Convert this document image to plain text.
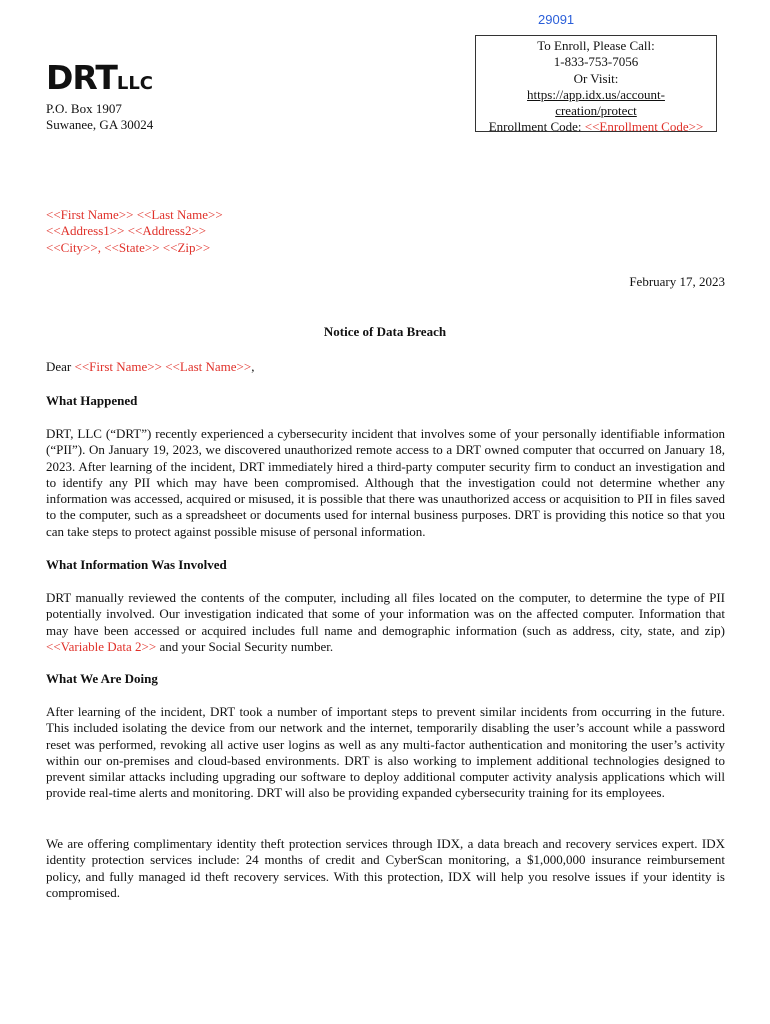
29091
DRTLLC
P.O. Box 1907
Suwanee, GA 30024
To Enroll, Please Call:
1-833-753-7056
Or Visit:
https://app.idx.us/account-
creation/protect
Enrollment Code: <<Enrollment Code>>
<<First Name>> <<Last Name>>
<<Address1>> <<Address2>>
<<City>>, <<State>> <<Zip>>
February 17, 2023
Notice of Data Breach
Dear <<First Name>> <<Last Name>>,
What Happened

DRT, LLC (“DRT”) recently experienced a cybersecurity incident that involves some of your personally identifiable information (“PII”). On January 19, 2023, we discovered unauthorized remote access to a DRT owned computer that occurred on January 18, 2023. After learning of the incident, DRT immediately hired a third-party computer security firm to conduct an investigation and to identify any PII which may have been compromised. Although that the investigation could not determine whether any information was accessed, acquired or misused, it is possible that there was unauthorized access or acquisition to PII in files saved to the computer, such as a spreadsheet or documents used for internal business purposes. DRT is providing this notice so that you can take steps to protect against possible misuse of personal information.

What Information Was Involved

DRT manually reviewed the contents of the computer, including all files located on the computer, to determine the type of PII potentially involved. Our investigation indicated that some of your information was on the affected computer. Information that may have been accessed or acquired includes full name and demographic information (such as address, city, state, and zip) <<Variable Data 2>> and your Social Security number.

What We Are Doing

After learning of the incident, DRT took a number of important steps to prevent similar incidents from occurring in the future. This included isolating the device from our network and the internet, temporarily disabling the user’s account while a password reset was performed, revoking all active user logins as well as any multi-factor authentication and monitoring the user’s activity within our on-premises and cloud-based environments. DRT is also working to implement additional technologies designed to prevent similar attacks including upgrading our software to deploy additional computer activity analysis applications which will provide real-time alerts and monitoring. DRT will also be providing expanded cybersecurity training for its employees.

We are offering complimentary identity theft protection services through IDX, a data breach and recovery services expert. IDX identity protection services include: 24 months of credit and CyberScan monitoring, a $1,000,000 insurance reimbursement policy, and fully managed id theft recovery services. With this protection, IDX will help you resolve issues if your identity is compromised.
